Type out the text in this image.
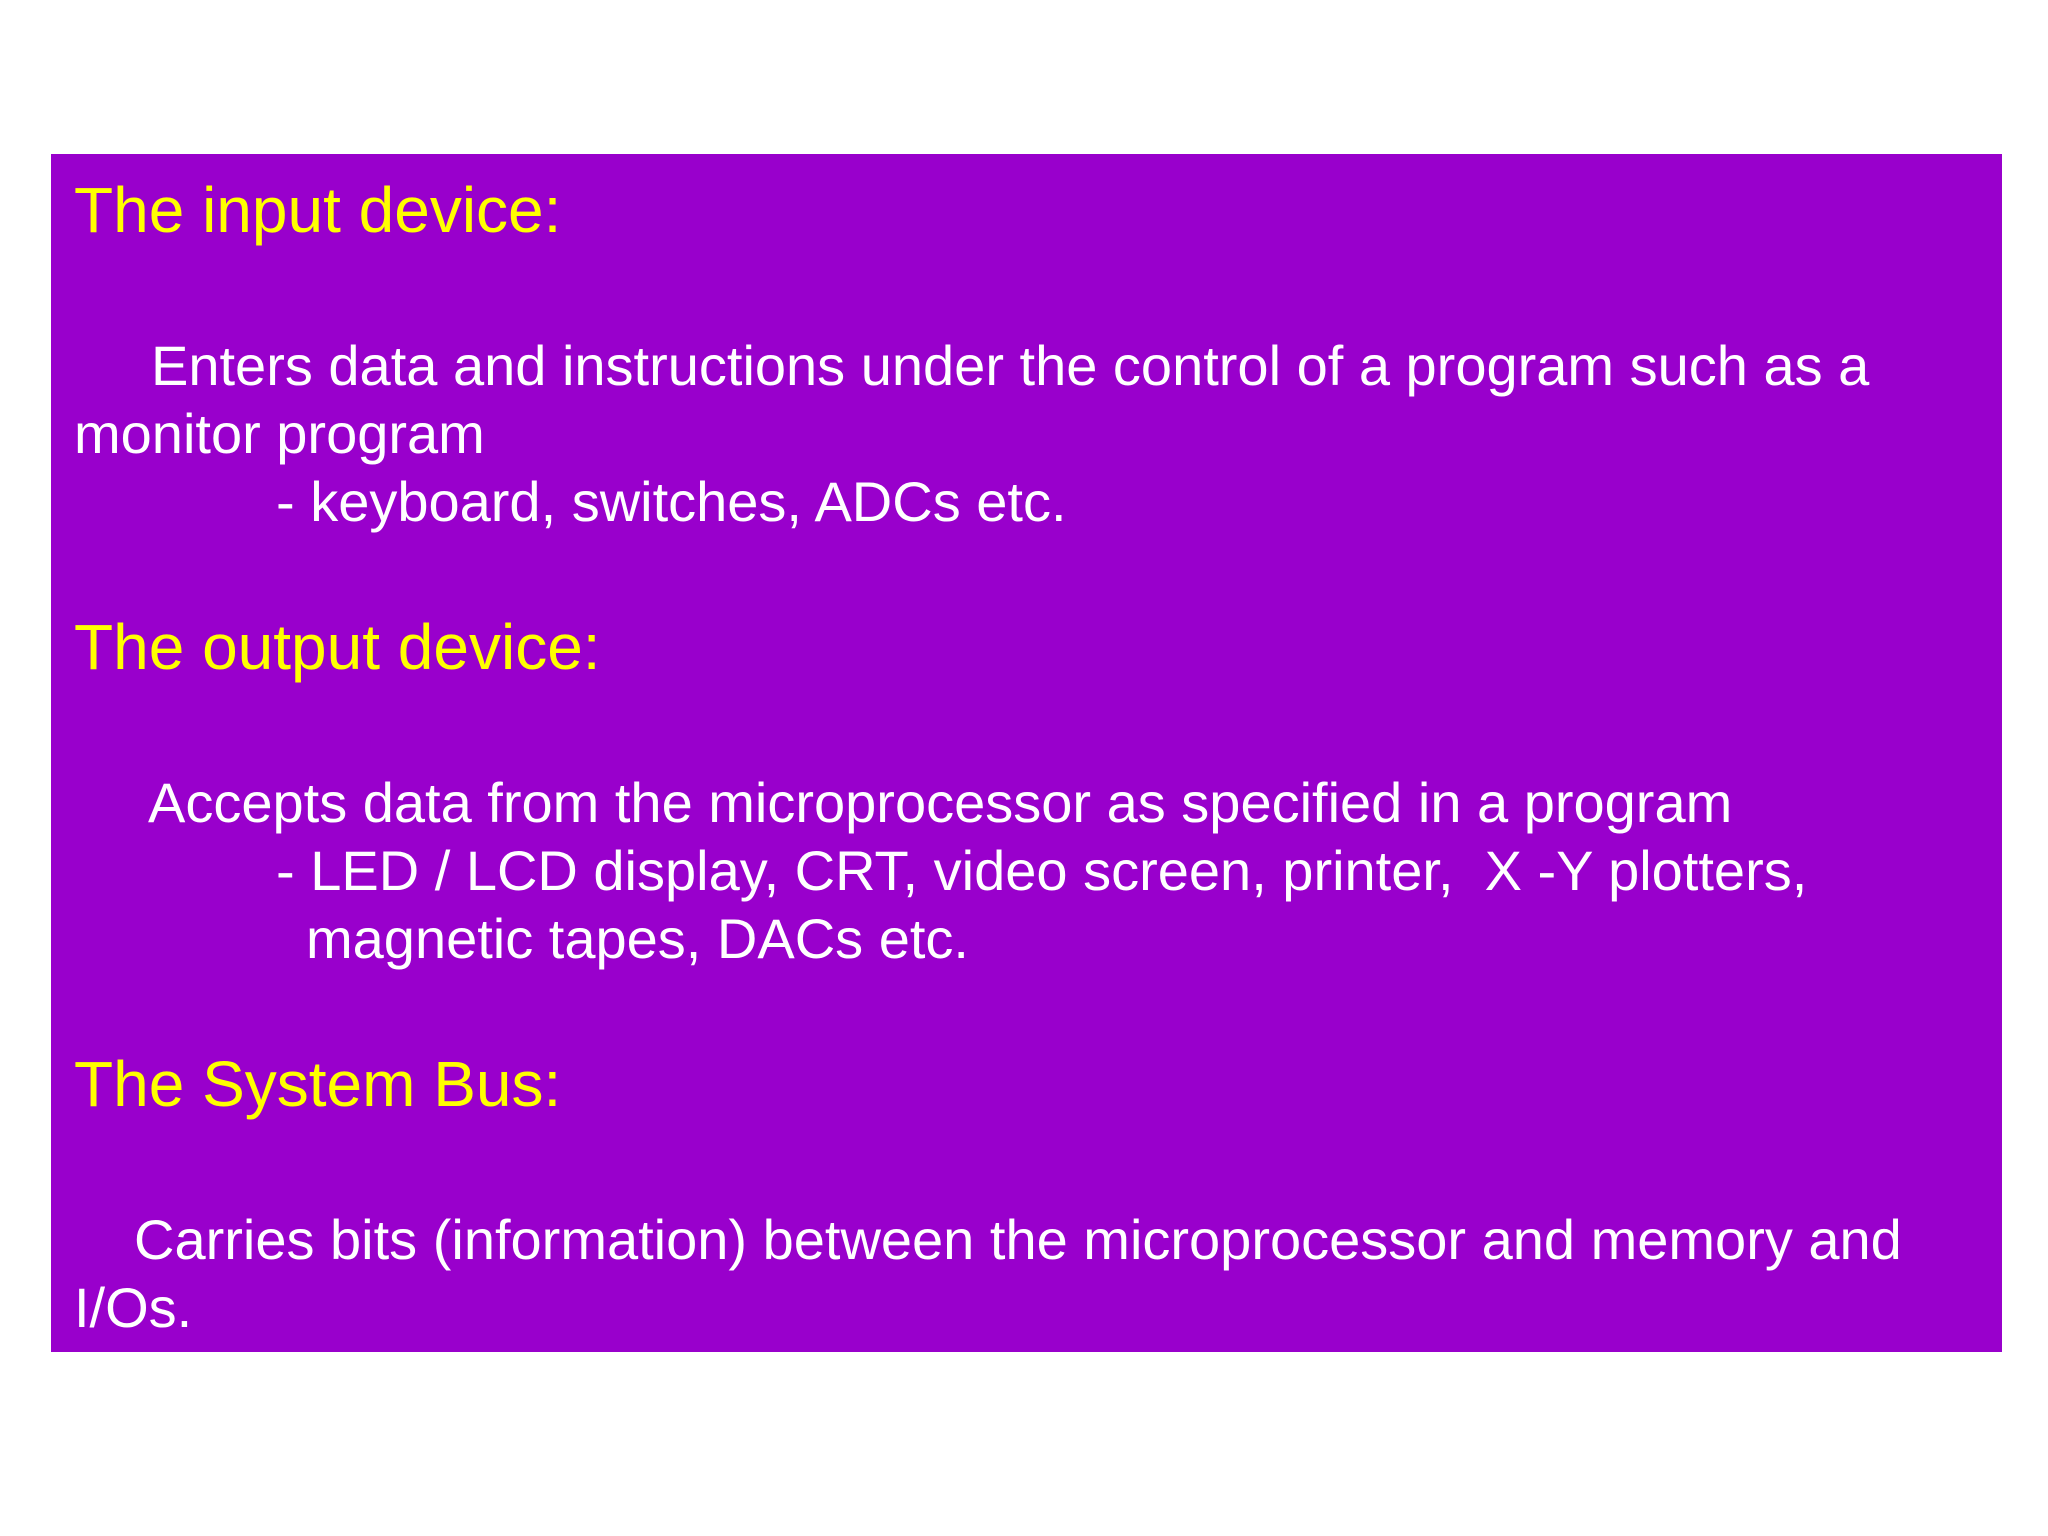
The input device:
Enters data and instructions under the control of a program such as a
monitor program
- keyboard, switches, ADCs etc.
The output device:
Accepts data from the microprocessor as specified in a program
- LED / LCD display, CRT, video screen, printer,  X -Y plotters,
magnetic tapes, DACs etc.
The System Bus:
Carries bits (information) between the microprocessor and memory and
I/Os.
